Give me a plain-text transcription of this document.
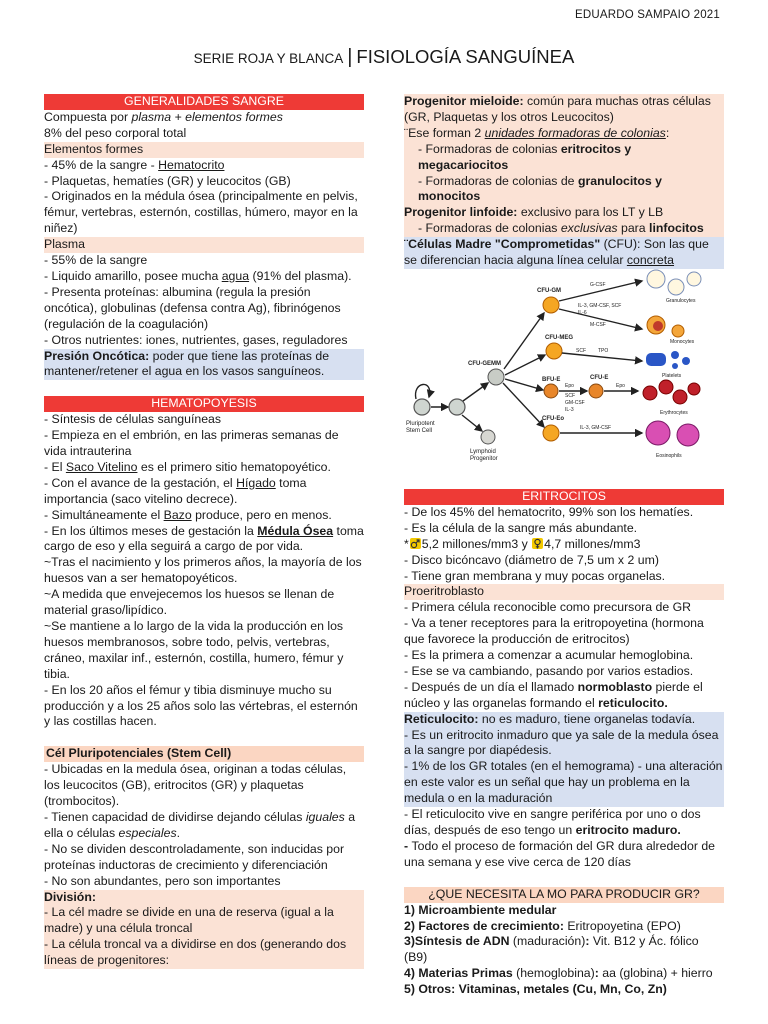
EDUARDO SAMPAIO 2021
SERIE ROJA Y BLANCA | FISIOLOGÍA SANGUÍNEA
GENERALIDADES SANGRE
Compuesta por plasma + elementos formes
8% del peso corporal total
Elementos formes
- 45% de la sangre - Hematocrito
- Plaquetas, hematíes (GR) y leucocitos (GB)
- Originados en la médula ósea (principalmente en pelvis, fémur, vertebras, esternón, costillas, húmero, mayor en la niñez)
Plasma
- 55% de la sangre
- Liquido amarillo, posee mucha agua (91% del plasma).
- Presenta proteínas: albumina (regula la presión oncótica), globulinas (defensa contra Ag), fibrinógenos (regulación de la coagulación)
- Otros nutrientes: iones, nutrientes, gases, reguladores
Presión Oncótica: poder que tiene las proteínas de mantener/retener el agua en los vasos sanguíneos.
HEMATOPOYESIS
- Síntesis de células sanguíneas
- Empieza en el embrión, en las primeras semanas de vida intrauterina
- El Saco Vitelino es el primero sitio hematopoyético.
- Con el avance de la gestación, el Hígado toma importancia (saco vitelino decrece).
- Simultáneamente el Bazo produce, pero en menos.
- En los últimos meses de gestación la Médula Ósea toma cargo de eso y ella seguirá a cargo de por vida.
~Tras el nacimiento y los primeros años, la mayoría de los huesos van a ser hematopoyéticos.
~A medida que envejecemos los huesos se llenan de material graso/lipídico.
~Se mantiene a lo largo de la vida la producción en los huesos membranosos, sobre todo, pelvis, vertebras, cráneo, maxilar inf., esternón, costilla, humero, fémur y tibia.
- En los 20 años el fémur y tibia disminuye mucho su producción y a los 25 años solo las vértebras, el esternón y las costillas hacen.
Cél Pluripotenciales (Stem Cell)
- Ubicadas en la medula ósea, originan a todas células, los leucocitos (GB), eritrocitos (GR) y plaquetas (trombocitos).
- Tienen capacidad de dividirse dejando células iguales a ella o células especiales.
- No se dividen descontroladamente, son inducidas por proteínas inductoras de crecimiento y diferenciación
- No son abundantes, pero son importantes
División:
- La cél madre se divide en una de reserva (igual a la madre) y una célula troncal
- La célula troncal va a dividirse en dos (generando dos líneas de progenitores:
Progenitor mieloide: común para muchas otras células (GR, Plaquetas y los otros Leucocitos)
¨Ese forman 2 unidades formadoras de colonias:
- Formadoras de colonias eritrocitos y megacariocitos
- Formadoras de colonias de granulocitos y monocitos
Progenitor linfoide: exclusivo para los LT y LB
- Formadoras de colonias exclusivas para linfocitos
¨Células Madre "Comprometidas" (CFU): Son las que se diferencian hacia alguna línea celular concreta
Pluripotent
Stem Cell
Lymphoid
Progenitor
CFU-GEMM
CFU-GM
CFU-MEG
BFU-E	CFU-E
Epo
SCF
GM-CSF
IL-3
CFU-Eo
G-CSF
IL-3, GM-CSF, SCF
IL-6
M-CSF
SCF TPO
Epo
IL-3, GM-CSF
Granulocytes
Monocytes
Platelets
Erythrocytes
Eosinophils
ERITROCITOS
- De los 45% del hematocrito, 99% son los hematíes.
- Es la célula de la sangre más abundante.
* 5,2 millones/mm3 y 4,7 millones/mm3
- Disco bicóncavo (diámetro de 7,5 um x 2 um)
- Tiene gran membrana y muy pocas organelas.
Proeritroblasto
- Primera célula reconocible como precursora de GR
- Va a tener receptores para la eritropoyetina (hormona que favorece la producción de eritrocitos)
- Es la primera a comenzar a acumular hemoglobina.
- Ese se va cambiando, pasando por varios estadios.
- Después de un día el llamado normoblasto pierde el núcleo y las organelas formando el reticulocito.
Reticulocito: no es maduro, tiene organelas todavía.
- Es un eritrocito inmaduro que ya sale de la medula ósea a la sangre por diapédesis.
- 1% de los GR totales (en el hemograma) - una alteración en este valor es un señal que hay un problema en la medula o en la maduración
- El reticulocito vive en sangre periférica por uno o dos días, después de eso tengo un eritrocito maduro.
- Todo el proceso de formación del GR dura alrededor de una semana y ese vive cerca de 120 días
¿QUE NECESITA LA MO PARA PRODUCIR GR?
1) Microambiente medular
2) Factores de crecimiento: Eritropoyetina (EPO)
3)Síntesis de ADN (maduración): Vit. B12 y Ác. fólico (B9)
4) Materias Primas (hemoglobina): aa (globina) + hierro
5) Otros: Vitaminas, metales (Cu, Mn, Co, Zn)
